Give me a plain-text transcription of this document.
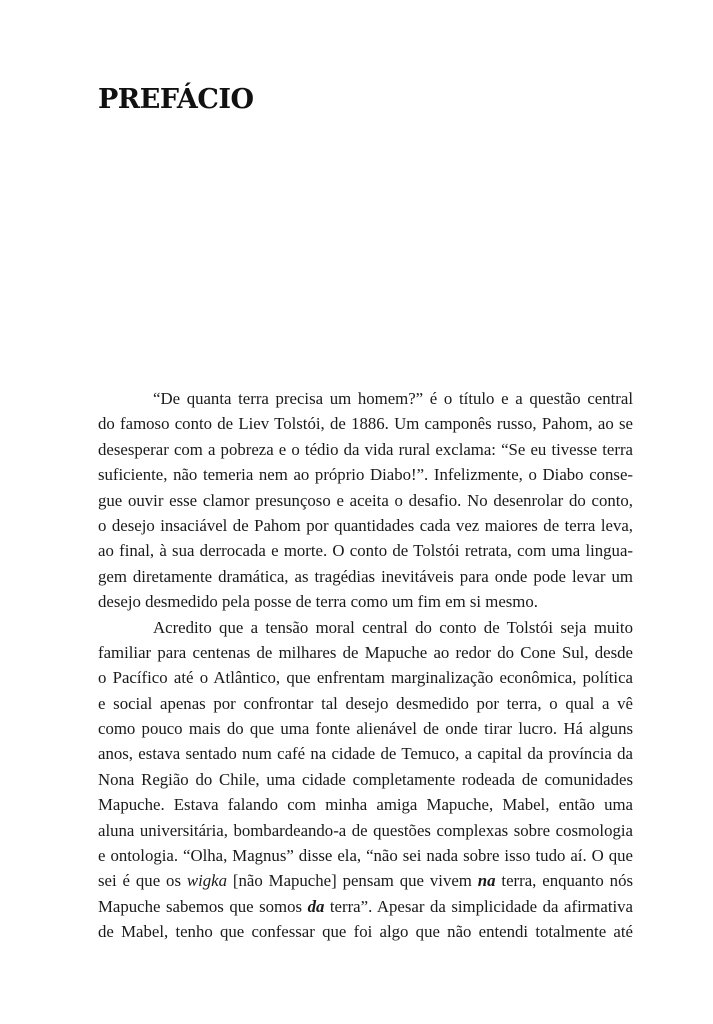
PREFÁCIO
“De quanta terra precisa um homem?” é o título e a questão central
do famoso conto de Liev Tolstói, de 1886. Um camponês russo, Pahom, ao se
desesperar com a pobreza e o tédio da vida rural exclama: “Se eu tivesse terra
suficiente, não temeria nem ao próprio Diabo!”. Infelizmente, o Diabo conse-
gue ouvir esse clamor presunçoso e aceita o desafio. No desenrolar do conto,
o desejo insaciável de Pahom por quantidades cada vez maiores de terra leva,
ao final, à sua derrocada e morte. O conto de Tolstói retrata, com uma lingua-
gem diretamente dramática, as tragédias inevitáveis para onde pode levar um
desejo desmedido pela posse de terra como um fim em si mesmo.
Acredito que a tensão moral central do conto de Tolstói seja muito
familiar para centenas de milhares de Mapuche ao redor do Cone Sul, desde
o Pacífico até o Atlântico, que enfrentam marginalização econômica, política
e social apenas por confrontar tal desejo desmedido por terra, o qual a vê
como pouco mais do que uma fonte alienável de onde tirar lucro. Há alguns
anos, estava sentado num café na cidade de Temuco, a capital da província da
Nona Região do Chile, uma cidade completamente rodeada de comunidades
Mapuche. Estava falando com minha amiga Mapuche, Mabel, então uma
aluna universitária, bombardeando-a de questões complexas sobre cosmologia
e ontologia. “Olha, Magnus” disse ela, “não sei nada sobre isso tudo aí. O que
sei é que os wigka [não Mapuche] pensam que vivem na terra, enquanto nós
Mapuche sabemos que somos da terra”. Apesar da simplicidade da afirmativa
de Mabel, tenho que confessar que foi algo que não entendi totalmente até
